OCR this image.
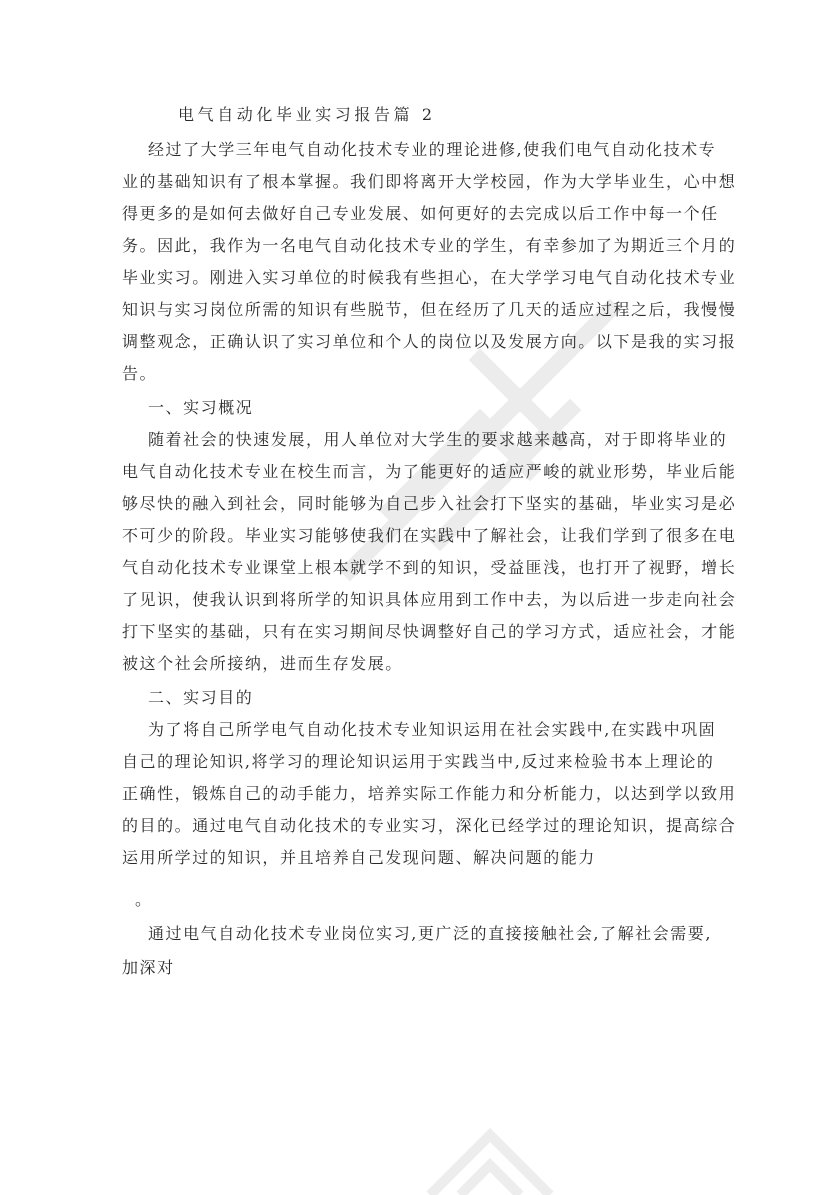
电气自动化毕业实习报告篇 2
经过了大学三年电气自动化技术专业的理论进修,使我们电气自动化技术专
业的基础知识有了根本掌握。我们即将离开大学校园，作为大学毕业生，心中想
得更多的是如何去做好自己专业发展、如何更好的去完成以后工作中每一个任
务。因此，我作为一名电气自动化技术专业的学生，有幸参加了为期近三个月的
毕业实习。刚进入实习单位的时候我有些担心，在大学学习电气自动化技术专业
知识与实习岗位所需的知识有些脱节，但在经历了几天的适应过程之后，我慢慢
调整观念，正确认识了实习单位和个人的岗位以及发展方向。以下是我的实习报
告。
一、实习概况
随着社会的快速发展，用人单位对大学生的要求越来越高，对于即将毕业的
电气自动化技术专业在校生而言，为了能更好的适应严峻的就业形势，毕业后能
够尽快的融入到社会，同时能够为自己步入社会打下坚实的基础，毕业实习是必
不可少的阶段。毕业实习能够使我们在实践中了解社会，让我们学到了很多在电
气自动化技术专业课堂上根本就学不到的知识，受益匪浅，也打开了视野，增长
了见识，使我认识到将所学的知识具体应用到工作中去，为以后进一步走向社会
打下坚实的基础，只有在实习期间尽快调整好自己的学习方式，适应社会，才能
被这个社会所接纳，进而生存发展。
二、实习目的
为了将自己所学电气自动化技术专业知识运用在社会实践中,在实践中巩固
自己的理论知识,将学习的理论知识运用于实践当中,反过来检验书本上理论的
正确性，锻炼自己的动手能力，培养实际工作能力和分析能力，以达到学以致用
的目的。通过电气自动化技术的专业实习，深化已经学过的理论知识，提高综合
运用所学过的知识，并且培养自己发现问题、解决问题的能力
。
通过电气自动化技术专业岗位实习,更广泛的直接接触社会,了解社会需要,
加深对
